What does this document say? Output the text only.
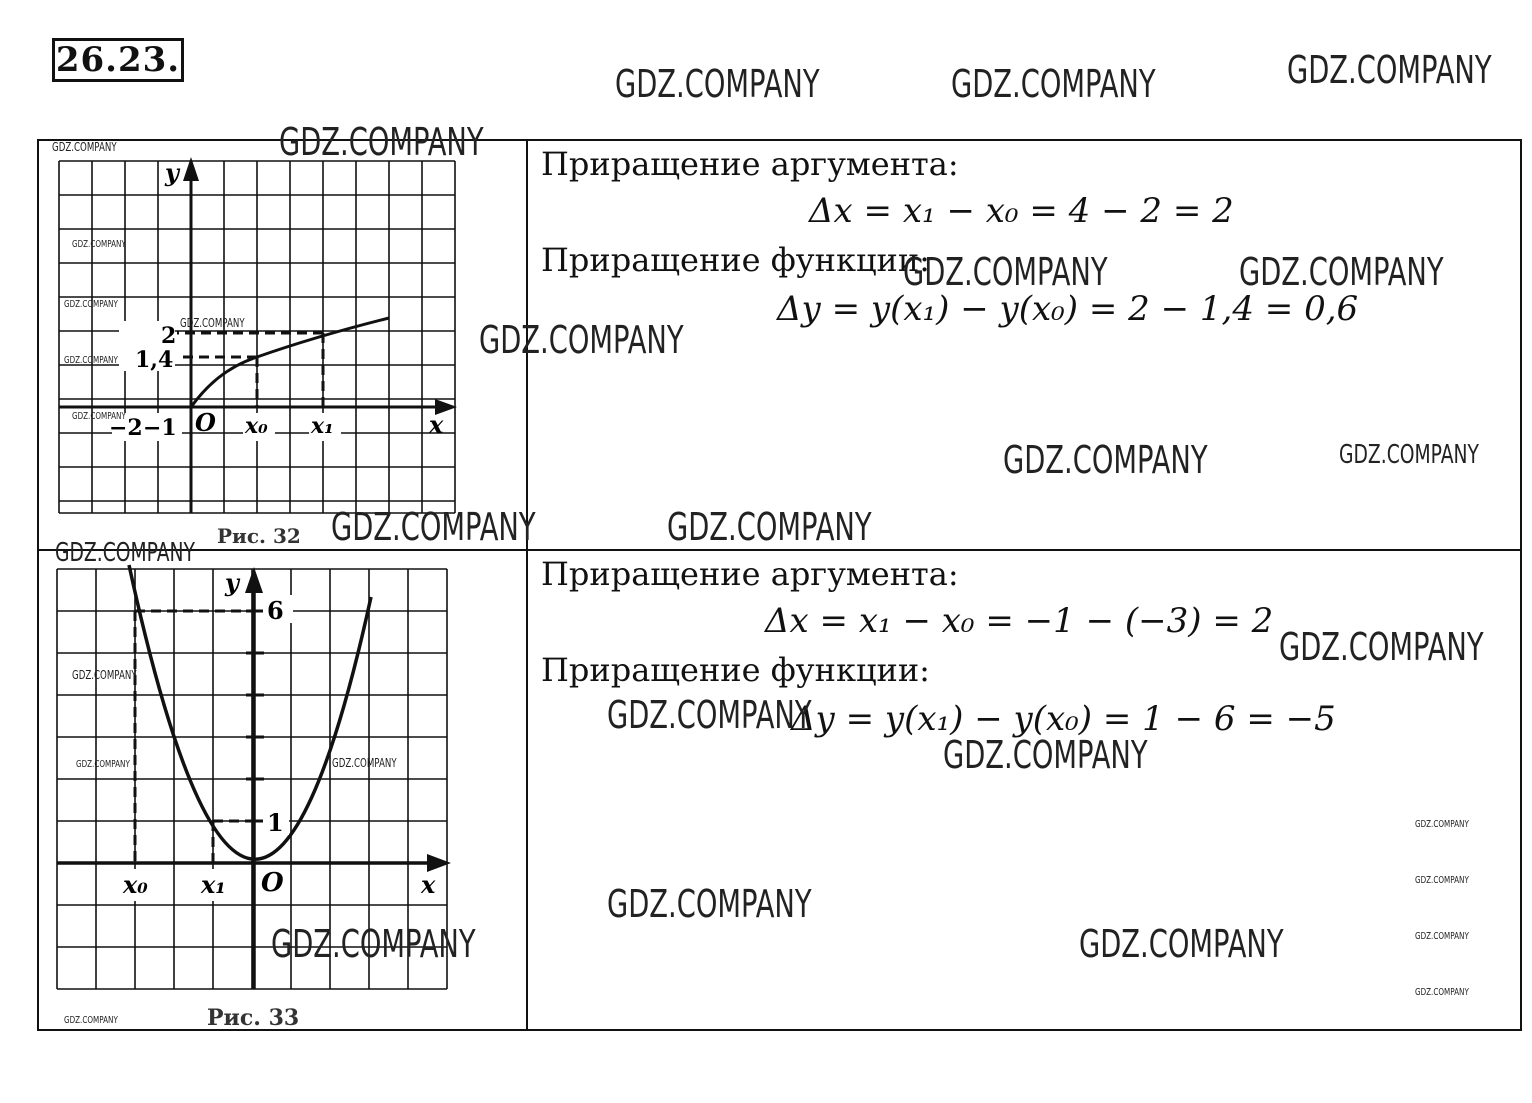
26.23.
2
1,4
y
−2 −1 O x₀ x₁	x
Рис. 32
Приращение аргумента:
Δx = x₁ − x₀ = 4 − 2 = 2
Приращение функции:
Δy = y(x₁) − y(x₀) = 2 − 1,4 = 0,6
6
1
y
x₀ x₁ O	x
Рис. 33
Приращение аргумента:
Δx = x₁ − x₀ = −1 − (−3) = 2
Приращение функции:
Δy = y(x₁) − y(x₀) = 1 − 6 = −5
GDZ.COMPANY	GDZ.COMPANY	GDZ.COMPANY
GDZ.COMPANY
GDZ.COMPANY
GDZ.COMPANY
GDZ.COMPANY
GDZ.COMPANY
GDZ.COMPANY
GDZ.COMPANY
GDZ.COMPANY
GDZ.COMPANY	GDZ.COMPANY
GDZ.COMPANY	GDZ.COMPANY
GDZ.COMPANY	GDZ.COMPANY
GDZ.COMPANY
GDZ.COMPANY
GDZ.COMPANY	GDZ.COMPANY
GDZ.COMPANY
GDZ.COMPANY
GDZ.COMPANY
GDZ.COMPANY
GDZ.COMPANY
GDZ.COMPANY
GDZ.COMPANY
GDZ.COMPANY
GDZ.COMPANY	GDZ.COMPANY
GDZ.COMPANY
